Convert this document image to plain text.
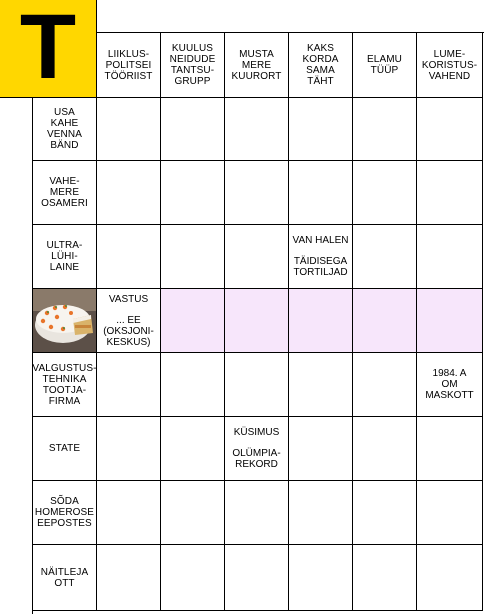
T	LIIKLUS-
POLITSEI
TÖÖRIIST
KUULUS
NEIDUDE
TANTSU-
GRUPP
MUSTA
MERE
KUURORT
KAKS
KORDA
SAMA
TÄHT
ELAMU
TÜÜP
LUME-
KORISTUS-
VAHEND
USA
KAHE
VENNA
BÄND
VAHE-
MERE
OSAMERI
ULTRA-
LÜHI-
LAINE
VALGUSTUS-
TEHNIKA
TOOTJA-
FIRMA
STATE
SÕDA
HOMEROSE
EEPOSTES
NÄITLEJA
OTT
VAN HALEN
TÄIDISEGA
TORTILJAD
VASTUS
... EE
(OKSJONI-
KESKUS)
1984. A
OM
MASKOTT
KÜSIMUS
OLÜMPIA-
REKORD
